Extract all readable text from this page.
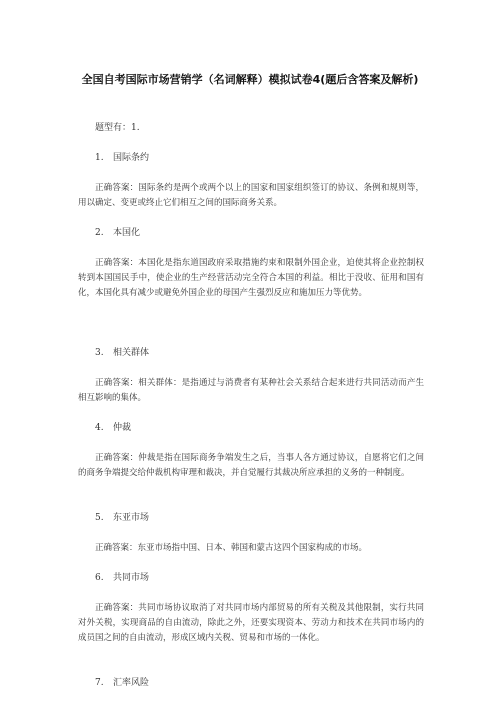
全国自考国际市场营销学（名词解释）模拟试卷4(题后含答案及解析)
题型有：1.
1. 国际条约
正确答案：国际条约是两个或两个以上的国家和国家组织签订的协议、条例和规则等，用以确定、变更或终止它们相互之间的国际商务关系。
2. 本国化
正确答案：本国化是指东道国政府采取措施约束和限制外国企业，迫使其将企业控制权转到本国国民手中，使企业的生产经营活动完全符合本国的利益。相比于没收、征用和国有化，本国化具有减少或避免外国企业的母国产生强烈反应和施加压力等优势。
3. 相关群体
正确答案：相关群体：是指通过与消费者有某种社会关系结合起来进行共同活动而产生相互影响的集体。
4. 仲裁
正确答案：仲裁是指在国际商务争端发生之后，当事人各方通过协议，自愿将它们之间的商务争端提交给仲裁机构审理和裁决，并自觉履行其裁决所应承担的义务的一种制度。
5. 东亚市场
正确答案：东亚市场指中国、日本、韩国和蒙古这四个国家构成的市场。
6. 共同市场
正确答案：共同市场协议取消了对共同市场内部贸易的所有关税及其他限制，实行共同对外关税，实现商品的自由流动，除此之外，还要实现资本、劳动力和技术在共同市场内的成员国之间的自由流动，形成区域内关税、贸易和市场的一体化。
7. 汇率风险
